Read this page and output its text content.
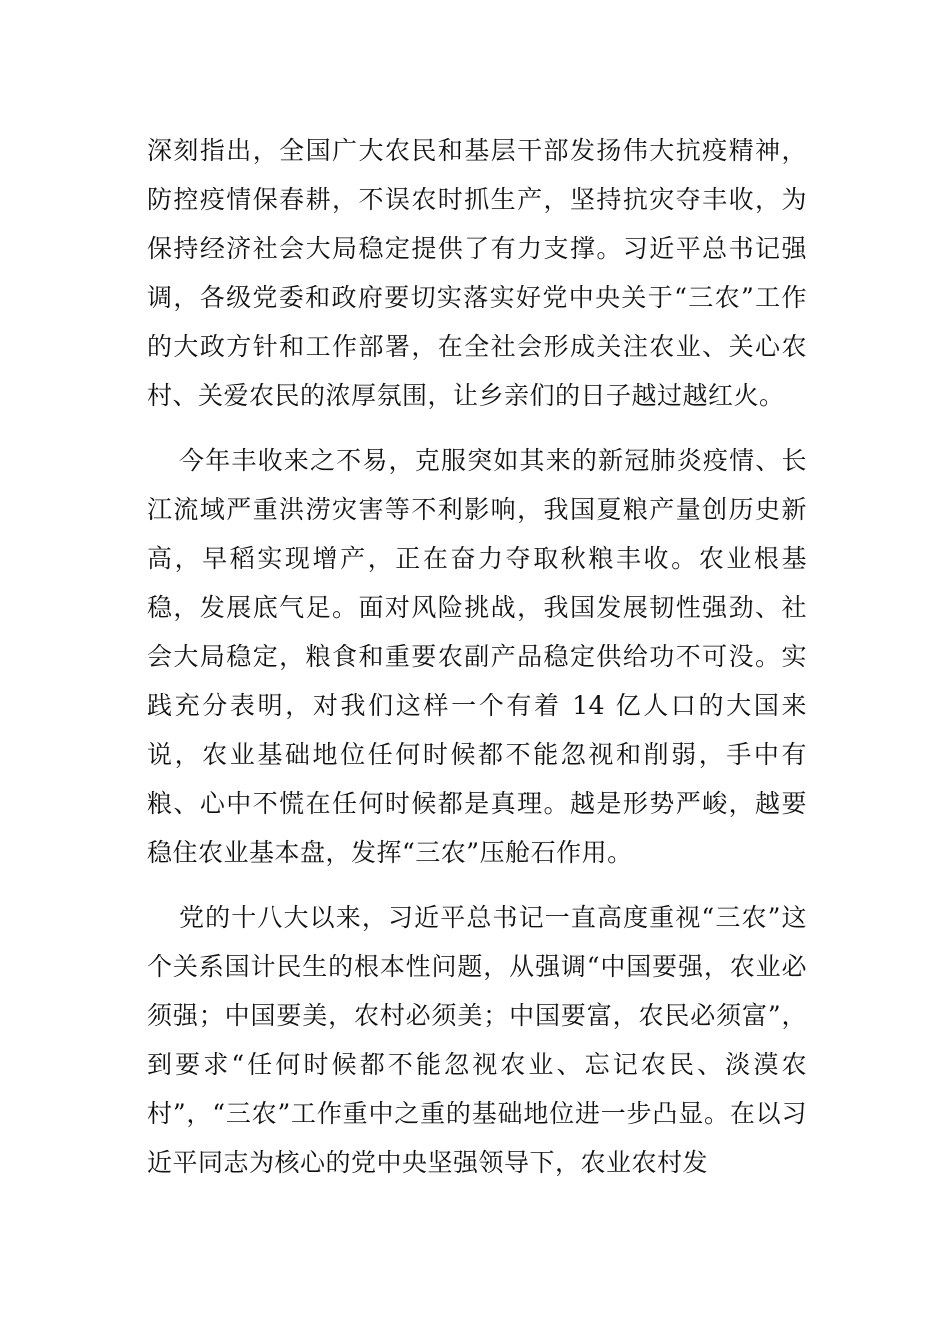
深刻指出，全国广大农民和基层干部发扬伟大抗疫精神，防控疫情保春耕，不误农时抓生产，坚持抗灾夺丰收，为保持经济社会大局稳定提供了有力支撑。习近平总书记强调，各级党委和政府要切实落实好党中央关于“三农”工作的大政方针和工作部署，在全社会形成关注农业、关心农村、关爱农民的浓厚氛围，让乡亲们的日子越过越红火。

今年丰收来之不易，克服突如其来的新冠肺炎疫情、长江流域严重洪涝灾害等不利影响，我国夏粮产量创历史新高，早稻实现增产，正在奋力夺取秋粮丰收。农业根基稳，发展底气足。面对风险挑战，我国发展韧性强劲、社会大局稳定，粮食和重要农副产品稳定供给功不可没。实践充分表明，对我们这样一个有着 14 亿人口的大国来说，农业基础地位任何时候都不能忽视和削弱，手中有粮、心中不慌在任何时候都是真理。越是形势严峻，越要稳住农业基本盘，发挥“三农”压舱石作用。

党的十八大以来，习近平总书记一直高度重视“三农”这个关系国计民生的根本性问题，从强调“中国要强，农业必须强；中国要美，农村必须美；中国要富，农民必须富”，到要求“任何时候都不能忽视农业、忘记农民、淡漠农村”，“三农”工作重中之重的基础地位进一步凸显。在以习近平同志为核心的党中央坚强领导下，农业农村发
